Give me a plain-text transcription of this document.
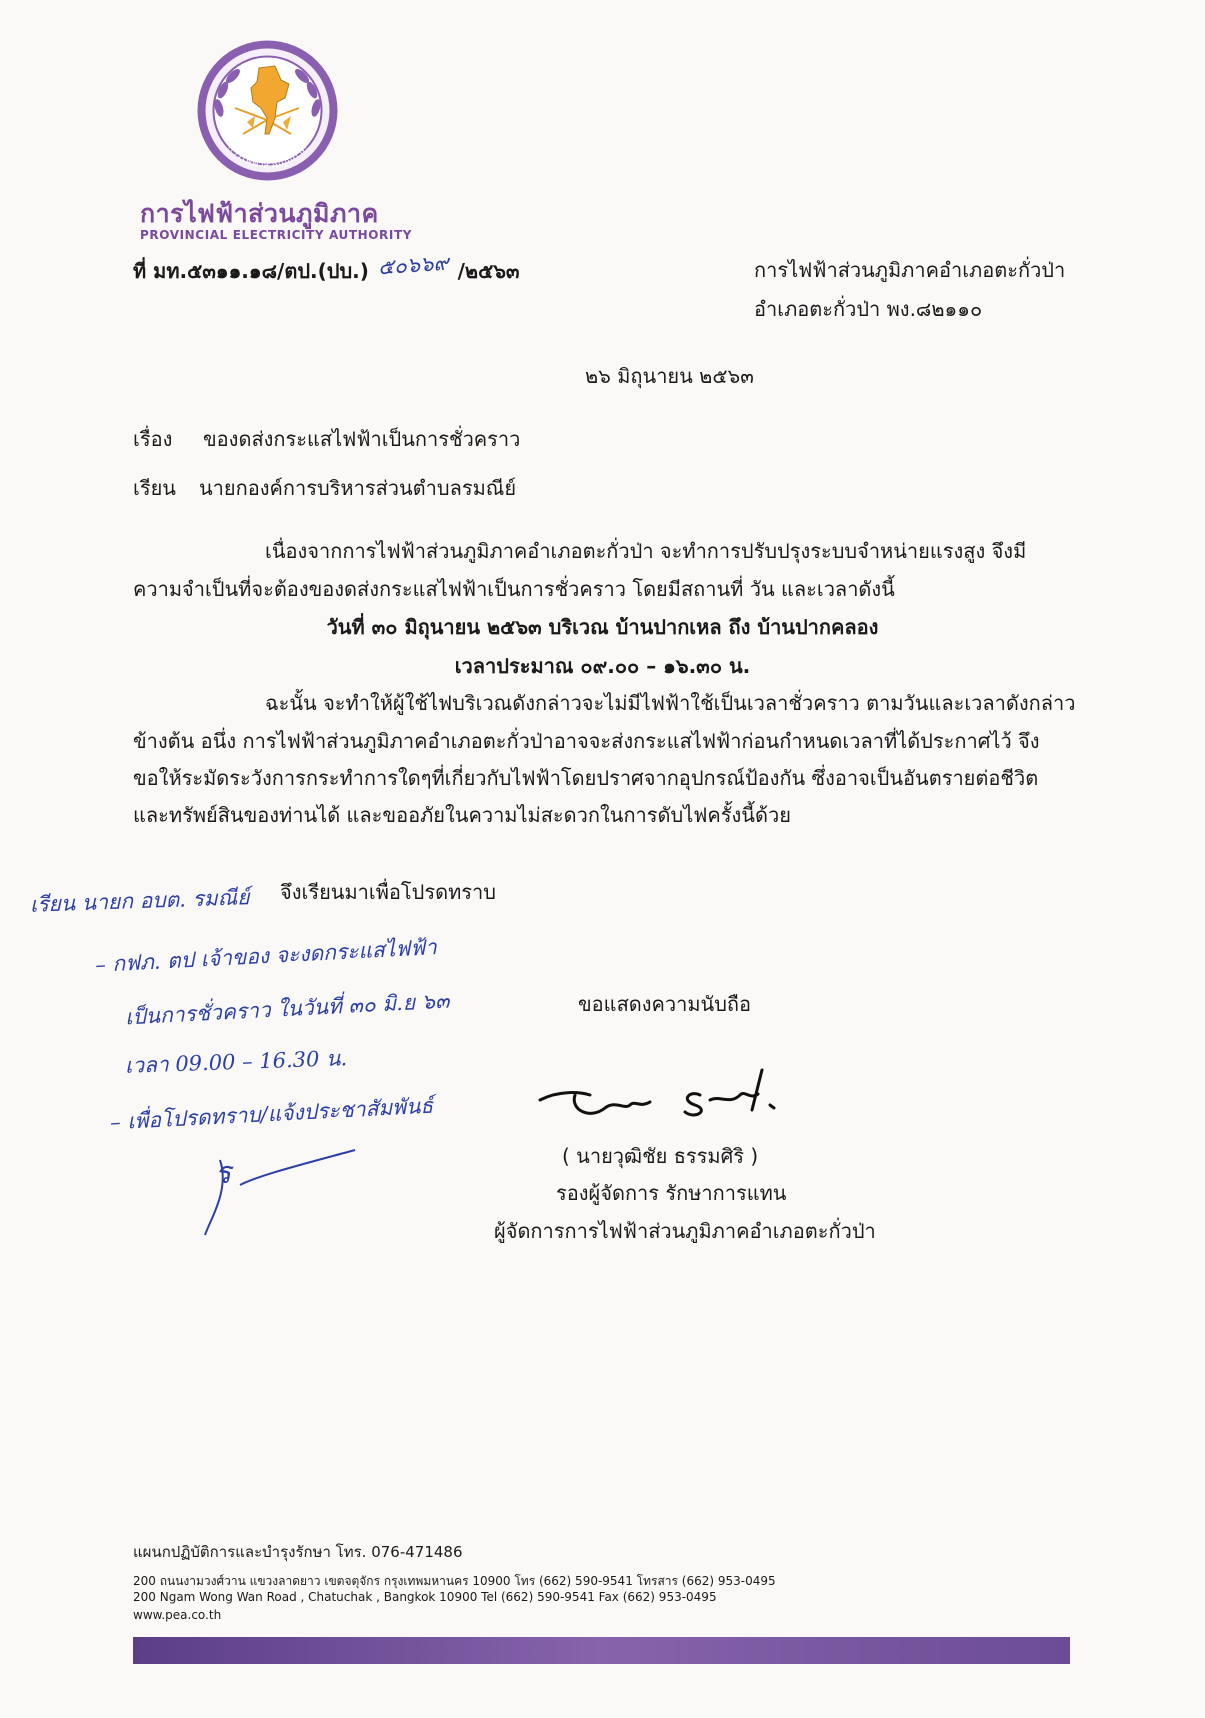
การไฟฟ้าส่วนภูมิภาค
การไฟฟ้าส่วนภูมิภาค
PROVINCIAL ELECTRICITY AUTHORITY
ที่ มท.๕๓๑๑.๑๘/ตป.(ปบ.) ๕๐๖๖๙ /๒๕๖๓	การไฟฟ้าส่วนภูมิภาคอำเภอตะกั่วป่า
อำเภอตะกั่วป่า พง.๘๒๑๑๐
๒๖ มิถุนายน ๒๕๖๓
เรื่อง ของดส่งกระแสไฟฟ้าเป็นการชั่วคราว
เรียน นายกองค์การบริหารส่วนตำบลรมณีย์
เนื่องจากการไฟฟ้าส่วนภูมิภาคอำเภอตะกั่วป่า จะทำการปรับปรุงระบบจำหน่ายแรงสูง จึงมี
ความจำเป็นที่จะต้องของดส่งกระแสไฟฟ้าเป็นการชั่วคราว โดยมีสถานที่ วัน และเวลาดังนี้
วันที่ ๓๐ มิถุนายน ๒๕๖๓ บริเวณ บ้านปากเหล ถึง บ้านปากคลอง
เวลาประมาณ ๐๙.๐๐ – ๑๖.๓๐ น.
ฉะนั้น จะทำให้ผู้ใช้ไฟบริเวณดังกล่าวจะไม่มีไฟฟ้าใช้เป็นเวลาชั่วคราว ตามวันและเวลาดังกล่าว
ข้างต้น อนึ่ง การไฟฟ้าส่วนภูมิภาคอำเภอตะกั่วป่าอาจจะส่งกระแสไฟฟ้าก่อนกำหนดเวลาที่ได้ประกาศไว้ จึง
ขอให้ระมัดระวังการกระทำการใดๆที่เกี่ยวกับไฟฟ้าโดยปราศจากอุปกรณ์ป้องกัน ซึ่งอาจเป็นอันตรายต่อชีวิต
และทรัพย์สินของท่านได้ และขออภัยในความไม่สะดวกในการดับไฟครั้งนี้ด้วย
จึงเรียนมาเพื่อโปรดทราบ
ขอแสดงความนับถือ
เรียน นายก อบต. รมณีย์
– กฟภ. ตป เจ้าของ จะงดกระแสไฟฟ้า
เป็นการชั่วคราว ในวันที่ ๓๐ มิ.ย ๖๓
เวลา 09.00 – 16.30 น.
– เพื่อโปรดทราบ/แจ้งประชาสัมพันธ์
ร	( นายวุฒิชัย ธรรมศิริ )
รองผู้จัดการ รักษาการแทน
ผู้จัดการการไฟฟ้าส่วนภูมิภาคอำเภอตะกั่วป่า
แผนกปฏิบัติการและบำรุงรักษา โทร. 076-471486
200 ถนนงามวงศ์วาน แขวงลาดยาว เขตจตุจักร กรุงเทพมหานคร 10900 โทร (662) 590-9541 โทรสาร (662) 953-0495
200 Ngam Wong Wan Road , Chatuchak , Bangkok 10900 Tel (662) 590-9541 Fax (662) 953-0495
www.pea.co.th
